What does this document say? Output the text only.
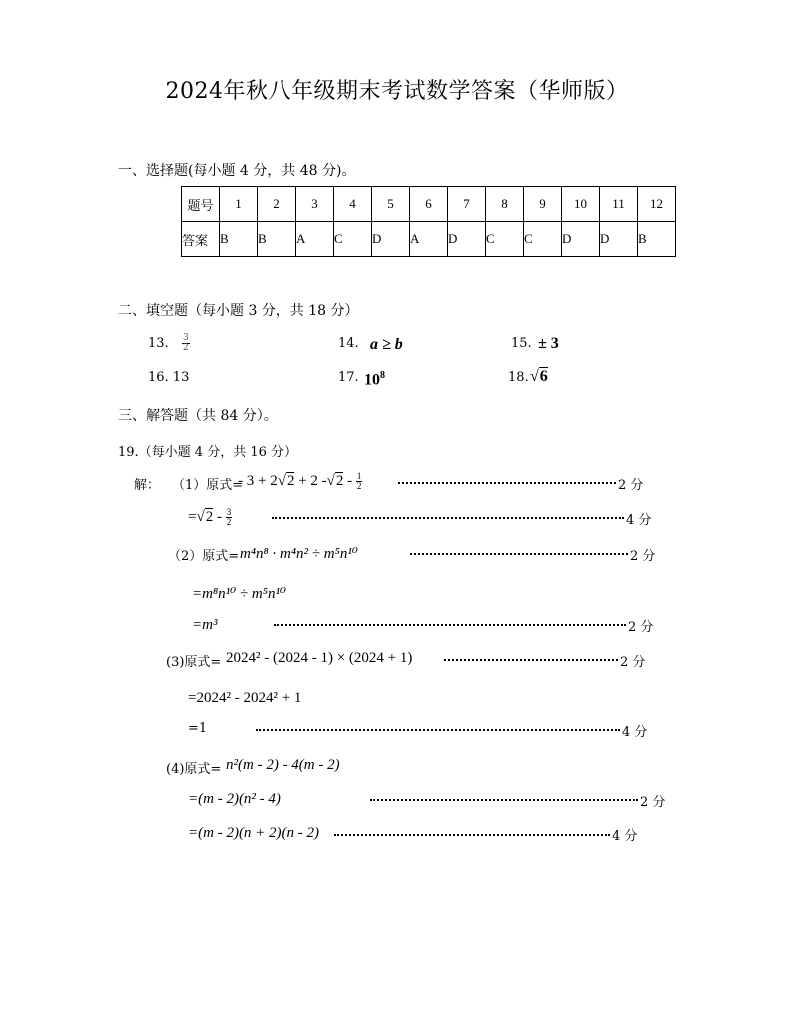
2024年秋八年级期末考试数学答案（华师版）
一、选择题(每小题 4 分，共 48 分)。
题号	1	2	3	4	5	6	7	8	9	10	11	12
答案	B	B	A	C	D	A	D	C	C	D	D	B
二、填空题（每小题 3 分，共 18 分）
13. $\frac{3}{2}$	14. a ≥ b	15. ± 3
16. 13	17. $10^8$	18. √6
三、解答题（共 84 分）。
19.（每小题 4 分，共 16 分）
解： （1）原式=
- 3 + 2√2 + 2 $-√2 - \frac{1}{2}$	2 分
$=√2 - \frac{3}{2}$	4 分
（2）原式= m⁴n⁸ · m⁴n² ÷ m⁵n¹⁰	2 分
=m⁸n¹⁰ ÷ m⁵n¹⁰
=m³	2 分
(3)原式= 2024² - (2024 - 1) × (2024 + 1)	2 分
=2024² - 2024² + 1
=1	4 分
(4)原式= n²(m - 2) - 4(m - 2)
=(m - 2)(n² - 4)	2 分
=(m - 2)(n + 2)(n - 2)	4 分
